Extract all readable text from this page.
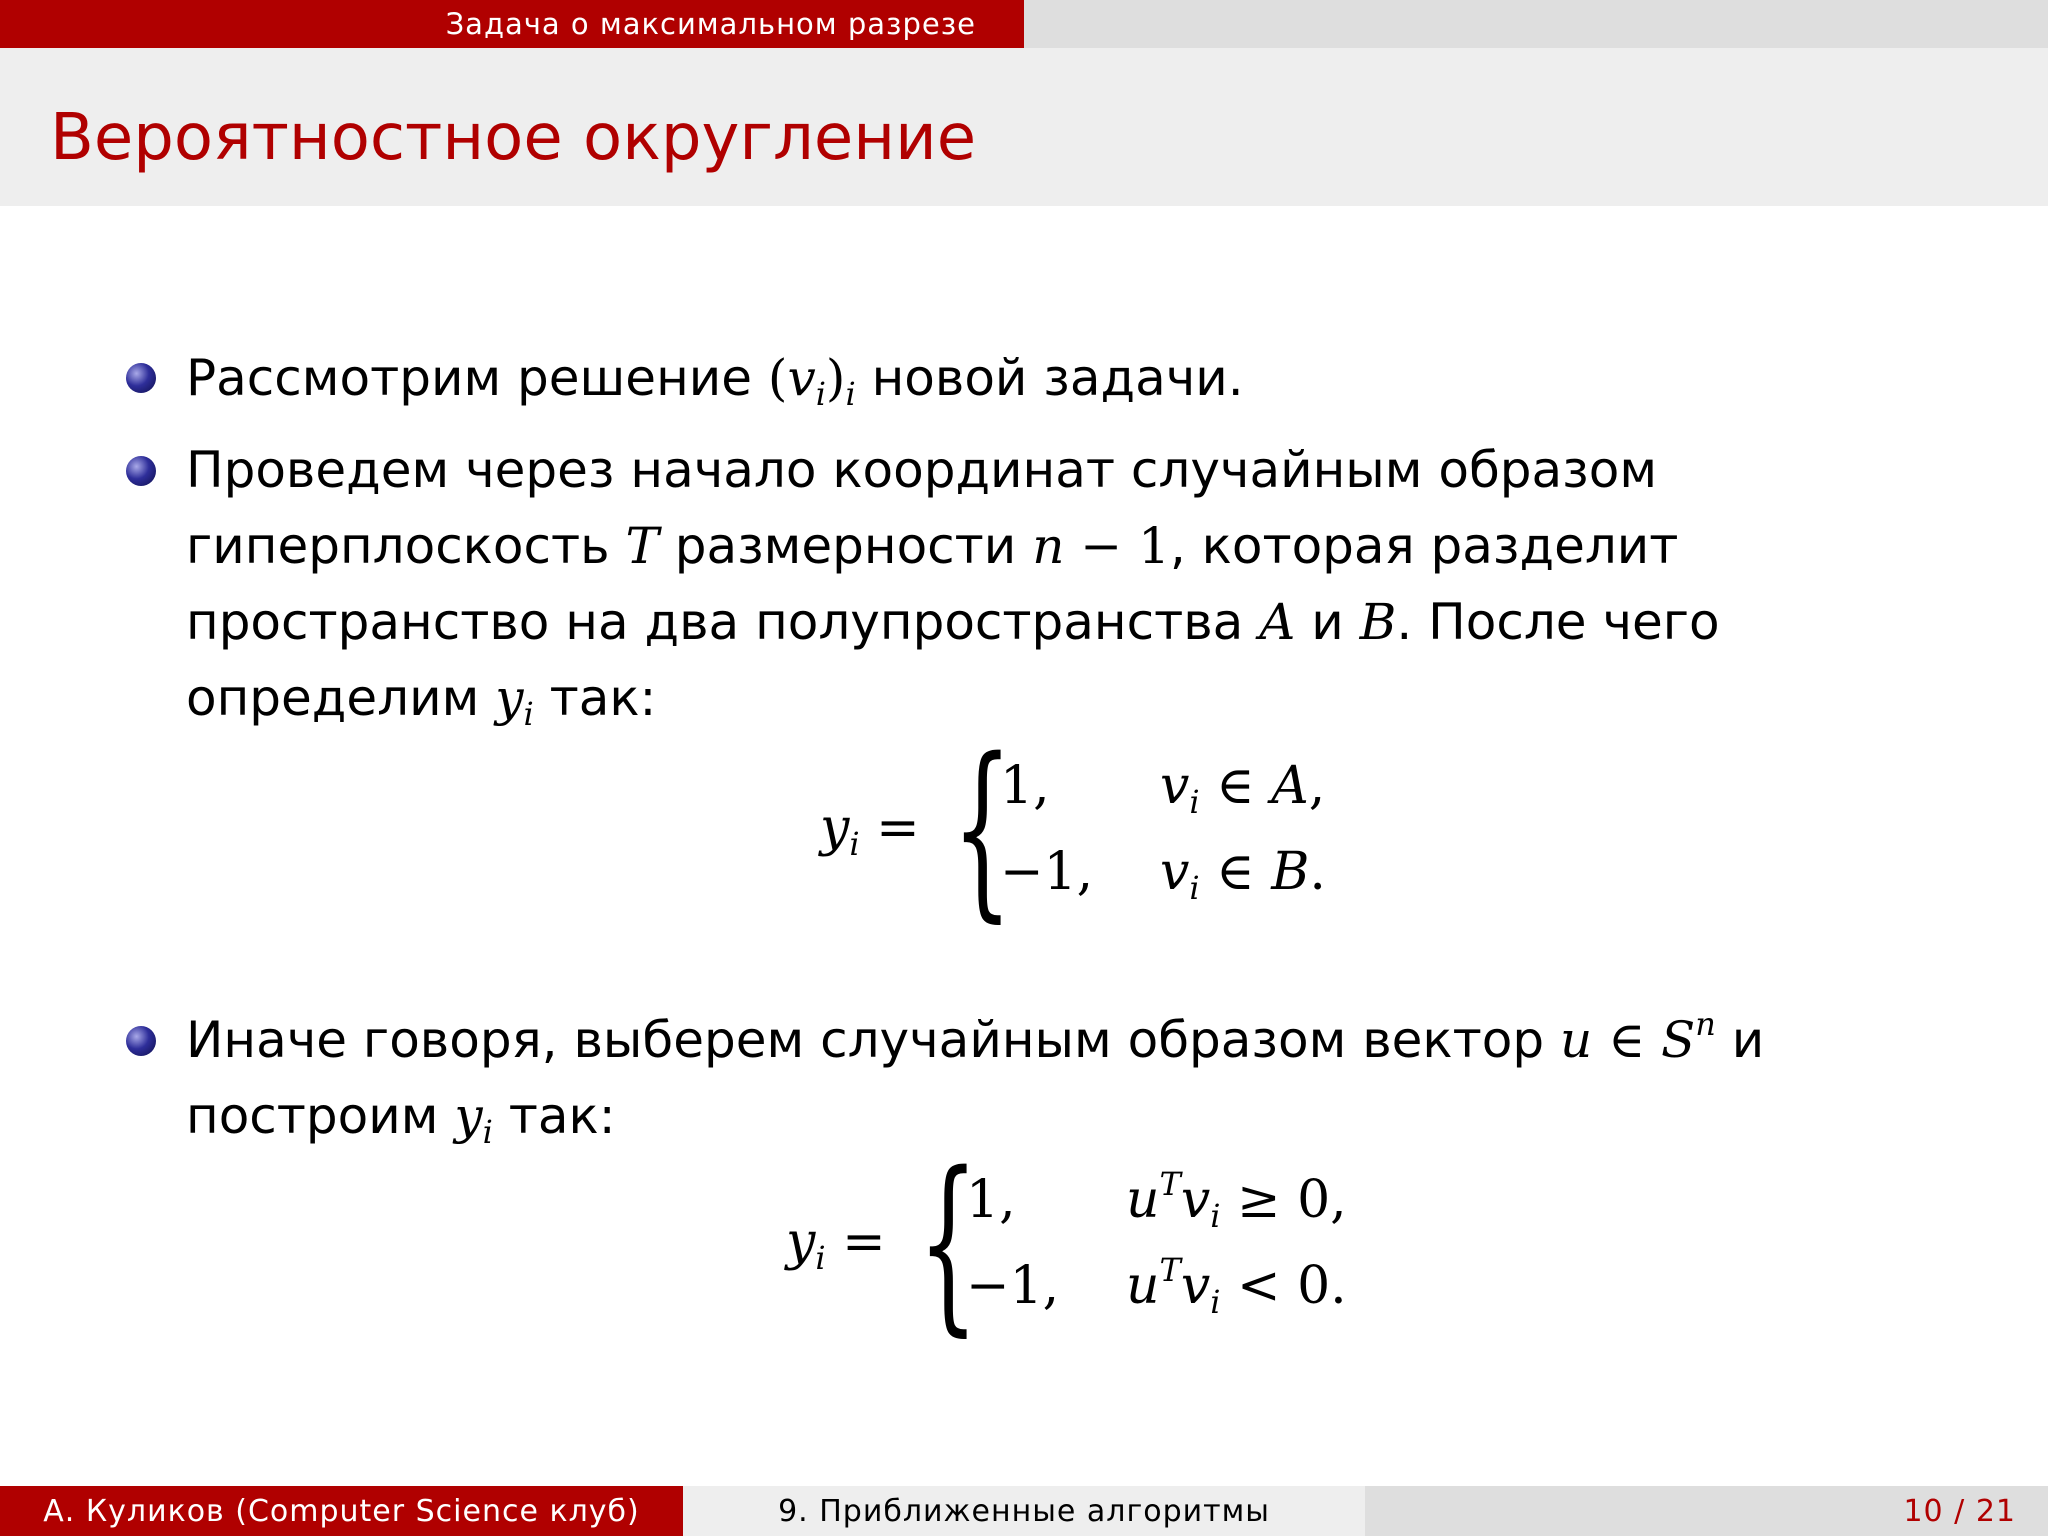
Задача о максимальном разрезе
Вероятностное округление
Рассмотрим решение $(v_i)_i$ новой задачи.
Проведем через начало координат случайным образом
гиперплоскость T размерности n − 1, которая разделит
пространство на два полупространства A и B. После чего
определим $y_i$ так:
$y_i$ = {
1, $v_i$ ∈ A,
−1, $v_i$ ∈ B.
Иначе говоря, выберем случайным образом вектор u ∈ $S^n$ и
построим $y_i$ так:
$y_i$ = {
1, $u^Tv_i \ge 0$,
−1, $u^Tv_i < 0$.
А. Куликов (Computer Science клуб)	9. Приближенные алгоритмы	10 / 21
